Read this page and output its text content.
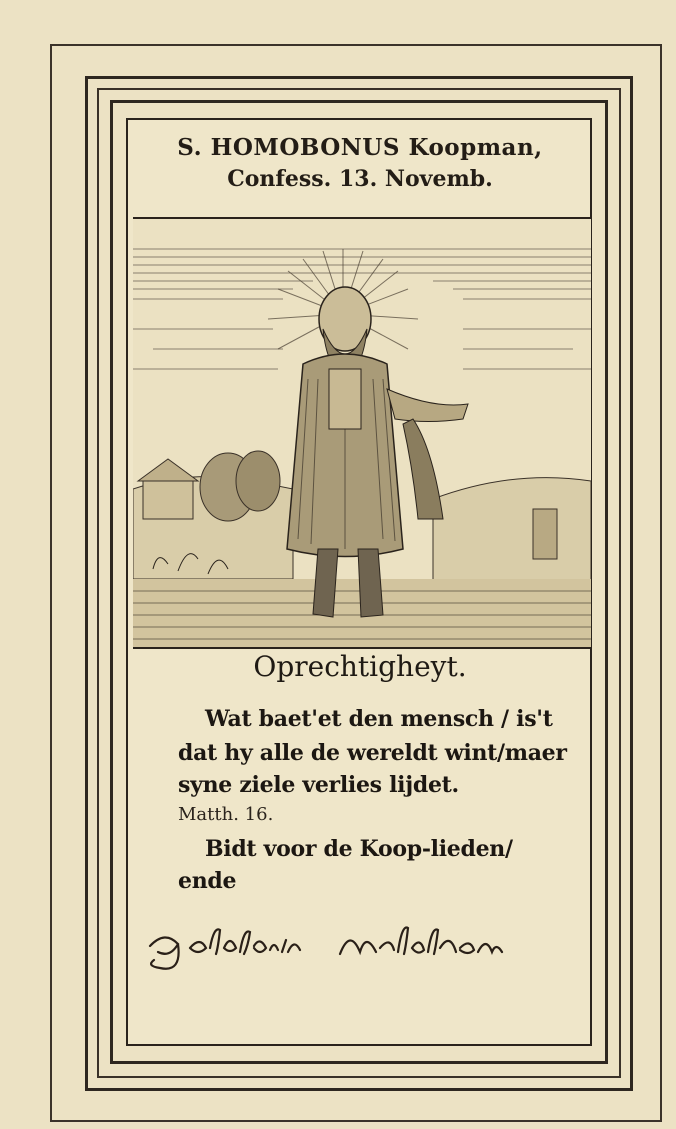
S. HOMOBONUS Koopman,
Confess. 13. Novemb.
Oprechtigheyt.
Wat baet'et den mensch / is't
dat hy alle de wereldt wint/maer
syne ziele verlies lijdet.
Matth. 16.
Bidt voor de Koop-lieden/
ende
